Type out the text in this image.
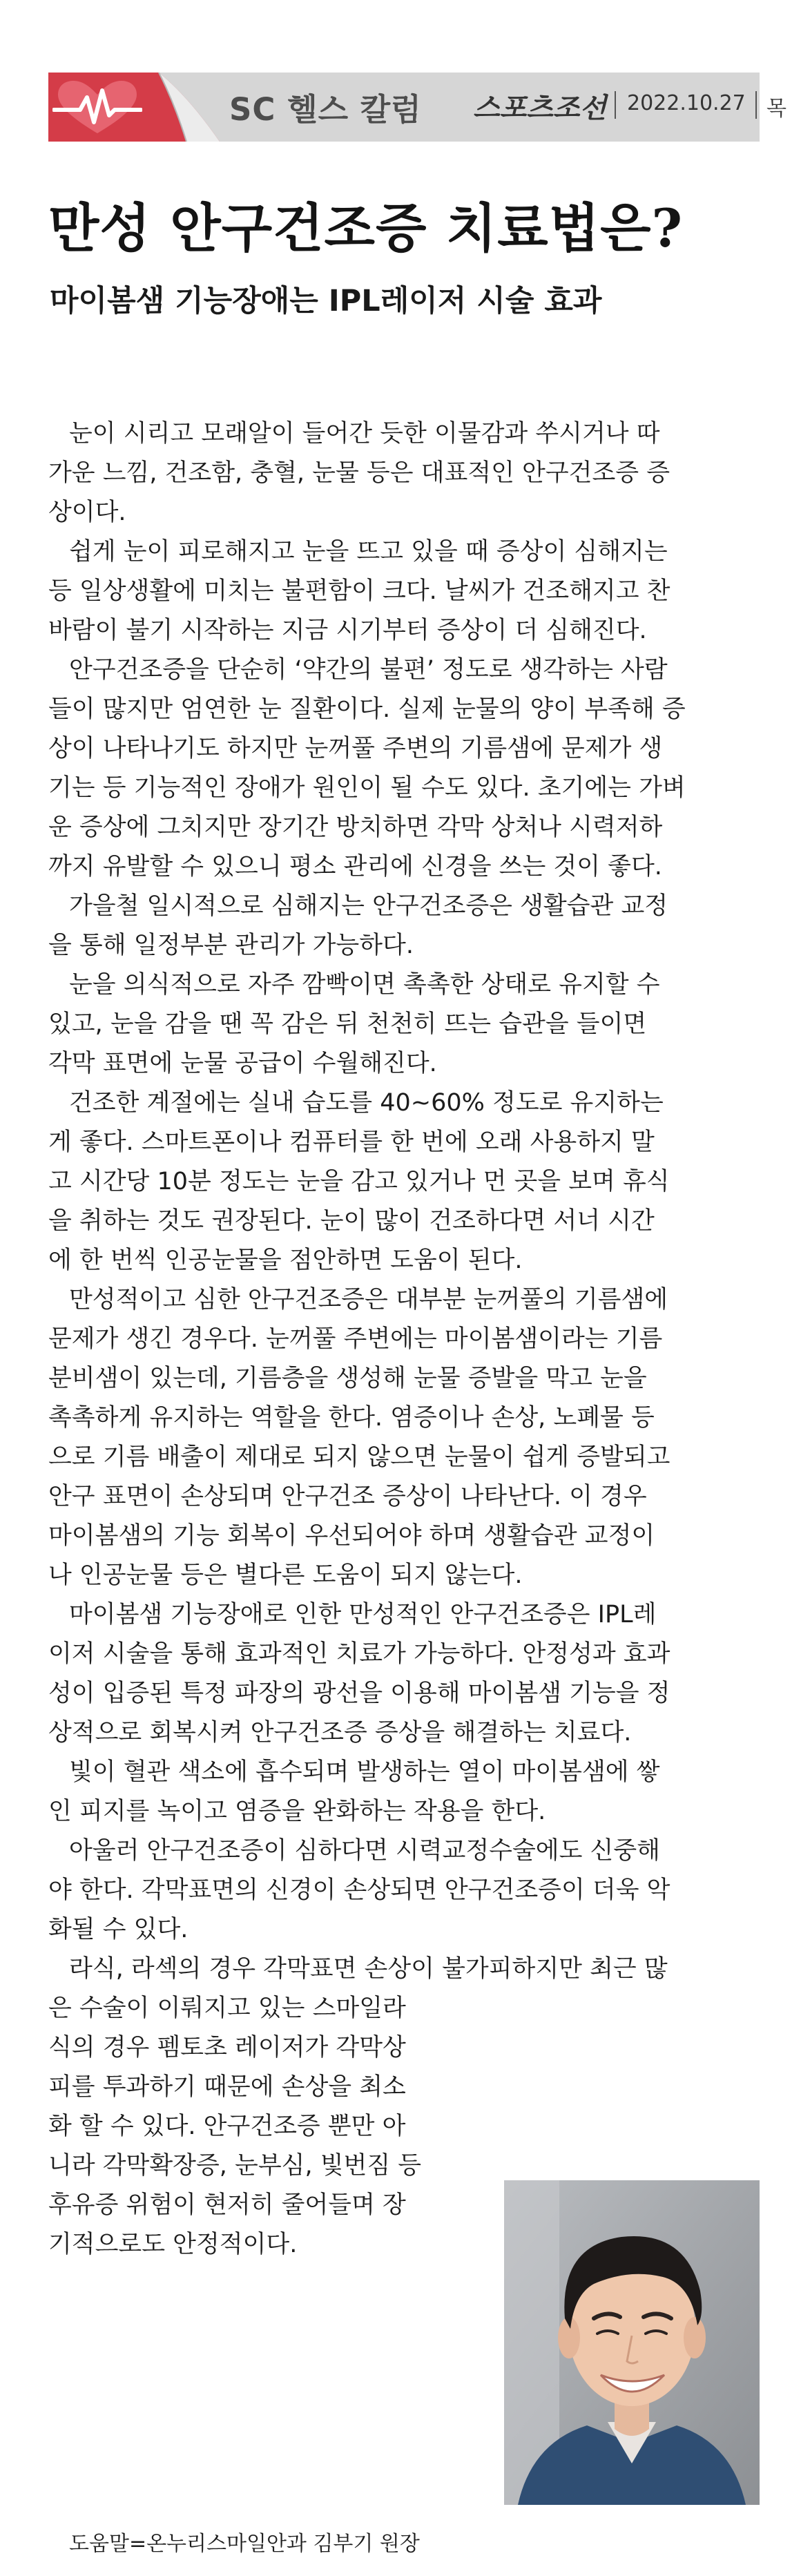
SC 헬스 칼럼 스포츠조선 2022.10.27 목
만성 안구건조증 치료법은?
마이봄샘 기능장애는 IPL레이저 시술 효과
눈이 시리고 모래알이 들어간 듯한 이물감과 쑤시거나 따
가운 느낌, 건조함, 충혈, 눈물 등은 대표적인 안구건조증 증
상이다.
쉽게 눈이 피로해지고 눈을 뜨고 있을 때 증상이 심해지는
등 일상생활에 미치는 불편함이 크다. 날씨가 건조해지고 찬
바람이 불기 시작하는 지금 시기부터 증상이 더 심해진다.
안구건조증을 단순히 ‘약간의 불편’ 정도로 생각하는 사람
들이 많지만 엄연한 눈 질환이다. 실제 눈물의 양이 부족해 증
상이 나타나기도 하지만 눈꺼풀 주변의 기름샘에 문제가 생
기는 등 기능적인 장애가 원인이 될 수도 있다. 초기에는 가벼
운 증상에 그치지만 장기간 방치하면 각막 상처나 시력저하
까지 유발할 수 있으니 평소 관리에 신경을 쓰는 것이 좋다.
가을철 일시적으로 심해지는 안구건조증은 생활습관 교정
을 통해 일정부분 관리가 가능하다.
눈을 의식적으로 자주 깜빡이면 촉촉한 상태로 유지할 수
있고, 눈을 감을 땐 꼭 감은 뒤 천천히 뜨는 습관을 들이면
각막 표면에 눈물 공급이 수월해진다.
건조한 계절에는 실내 습도를 40~60% 정도로 유지하는
게 좋다. 스마트폰이나 컴퓨터를 한 번에 오래 사용하지 말
고 시간당 10분 정도는 눈을 감고 있거나 먼 곳을 보며 휴식
을 취하는 것도 권장된다. 눈이 많이 건조하다면 서너 시간
에 한 번씩 인공눈물을 점안하면 도움이 된다.
만성적이고 심한 안구건조증은 대부분 눈꺼풀의 기름샘에
문제가 생긴 경우다. 눈꺼풀 주변에는 마이봄샘이라는 기름
분비샘이 있는데, 기름층을 생성해 눈물 증발을 막고 눈을
촉촉하게 유지하는 역할을 한다. 염증이나 손상, 노폐물 등
으로 기름 배출이 제대로 되지 않으면 눈물이 쉽게 증발되고
안구 표면이 손상되며 안구건조 증상이 나타난다. 이 경우
마이봄샘의 기능 회복이 우선되어야 하며 생활습관 교정이
나 인공눈물 등은 별다른 도움이 되지 않는다.
마이봄샘 기능장애로 인한 만성적인 안구건조증은 IPL레
이저 시술을 통해 효과적인 치료가 가능하다. 안정성과 효과
성이 입증된 특정 파장의 광선을 이용해 마이봄샘 기능을 정
상적으로 회복시켜 안구건조증 증상을 해결하는 치료다.
빛이 혈관 색소에 흡수되며 발생하는 열이 마이봄샘에 쌓
인 피지를 녹이고 염증을 완화하는 작용을 한다.
아울러 안구건조증이 심하다면 시력교정수술에도 신중해
야 한다. 각막표면의 신경이 손상되면 안구건조증이 더욱 악
화될 수 있다.
라식, 라섹의 경우 각막표면 손상이 불가피하지만 최근 많
은 수술이 이뤄지고 있는 스마일라
식의 경우 펨토초 레이저가 각막상
피를 투과하기 때문에 손상을 최소
화 할 수 있다. 안구건조증 뿐만 아
니라 각막확장증, 눈부심, 빛번짐 등
후유증 위험이 현저히 줄어들며 장
기적으로도 안정적이다.
도움말=온누리스마일안과 김부기 원장
